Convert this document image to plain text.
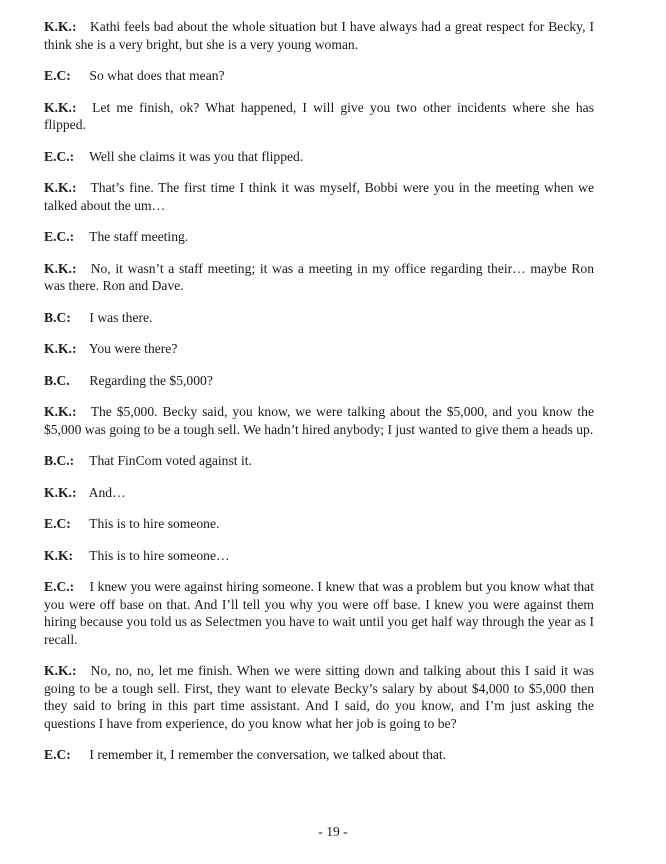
K.K.: Kathi feels bad about the whole situation but I have always had a great respect for Becky, I think she is a very bright, but she is a very young woman.

E.C: So what does that mean?

K.K.: Let me finish, ok? What happened, I will give you two other incidents where she has flipped.

E.C.: Well she claims it was you that flipped.

K.K.: That’s fine. The first time I think it was myself, Bobbi were you in the meeting when we talked about the um…

E.C.: The staff meeting.

K.K.: No, it wasn’t a staff meeting; it was a meeting in my office regarding their… maybe Ron was there. Ron and Dave.

B.C: I was there.

K.K.: You were there?

B.C. Regarding the $5,000?

K.K.: The $5,000. Becky said, you know, we were talking about the $5,000, and you know the $5,000 was going to be a tough sell. We hadn’t hired anybody; I just wanted to give them a heads up.

B.C.: That FinCom voted against it.

K.K.: And…

E.C: This is to hire someone.

K.K: This is to hire someone…

E.C.: I knew you were against hiring someone. I knew that was a problem but you know what that you were off base on that. And I’ll tell you why you were off base. I knew you were against them hiring because you told us as Selectmen you have to wait until you get half way through the year as I recall.

K.K.: No, no, no, let me finish. When we were sitting down and talking about this I said it was going to be a tough sell. First, they want to elevate Becky’s salary by about $4,000 to $5,000 then they said to bring in this part time assistant. And I said, do you know, and I’m just asking the questions I have from experience, do you know what her job is going to be?

E.C: I remember it, I remember the conversation, we talked about that.

- 19 -
